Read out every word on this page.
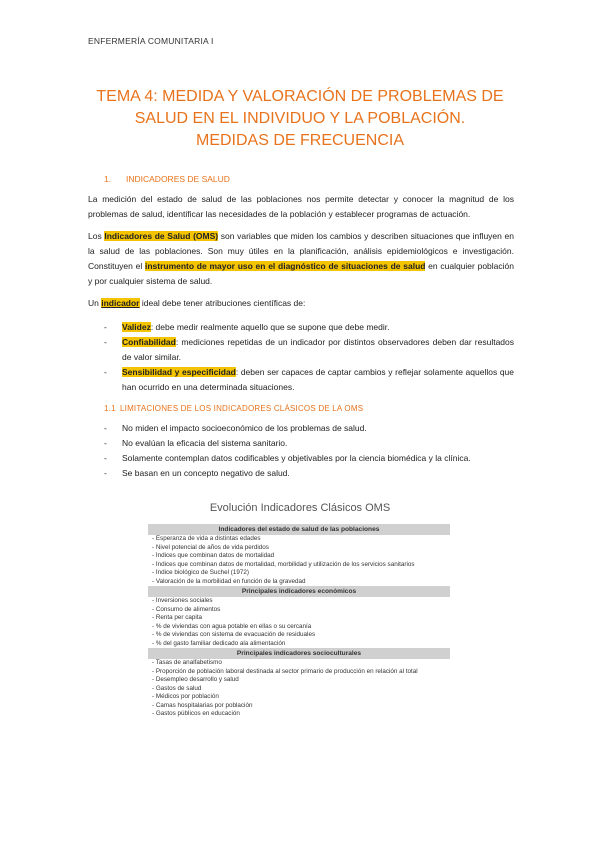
ENFERMERÍA COMUNITARIA I
TEMA 4: MEDIDA Y VALORACIÓN DE PROBLEMAS DE
SALUD EN EL INDIVIDUO Y LA POBLACIÓN.
MEDIDAS DE FRECUENCIA
1. INDICADORES DE SALUD
La medición del estado de salud de las poblaciones nos permite detectar y conocer la magnitud de los problemas de salud, identificar las necesidades de la población y establecer programas de actuación.
Los Indicadores de Salud (OMS) son variables que miden los cambios y describen situaciones que influyen en la salud de las poblaciones. Son muy útiles en la planificación, análisis epidemiológicos e investigación. Constituyen el instrumento de mayor uso en el diagnóstico de situaciones de salud en cualquier población y por cualquier sistema de salud.
Un indicador ideal debe tener atribuciones científicas de:
- Validez: debe medir realmente aquello que se supone que debe medir.
- Confiabilidad: mediciones repetidas de un indicador por distintos observadores deben dar resultados de valor similar.
- Sensibilidad y especificidad: deben ser capaces de captar cambios y reflejar solamente aquellos que han ocurrido en una determinada situaciones.
1.1 LIMITACIONES DE LOS INDICADORES CLÁSICOS DE LA OMS
- No miden el impacto socioeconómico de los problemas de salud.
- No evalúan la eficacia del sistema sanitario.
- Solamente contemplan datos codificables y objetivables por la ciencia biomédica y la clínica.
- Se basan en un concepto negativo de salud.
Evolución Indicadores Clásicos OMS
Indicadores del estado de salud de las poblaciones
- Esperanza de vida a distintas edades
- Nivel potencial de años de vida perdidos
- Índices que combinan datos de mortalidad
- Índices que combinan datos de mortalidad, morbilidad y utilización de los servicios sanitarios
- Índice biológico de Suchel (1972)
- Valoración de la morbilidad en función de la gravedad
Principales indicadores económicos
- Inversiones sociales
- Consumo de alimentos
- Renta per capita
- % de viviendas con agua potable en ellas o su cercanía
- % de viviendas con sistema de evacuación de residuales
- % del gasto familiar dedicado ala alimentación
Principales indicadores socioculturales
- Tasas de analfabetismo
- Proporción de población laboral destinada al sector primario de producción en relación al total
- Desempleo desarrollo y salud
- Gastos de salud
- Médicos por población
- Camas hospitalarias por población
- Gastos públicos en educación
